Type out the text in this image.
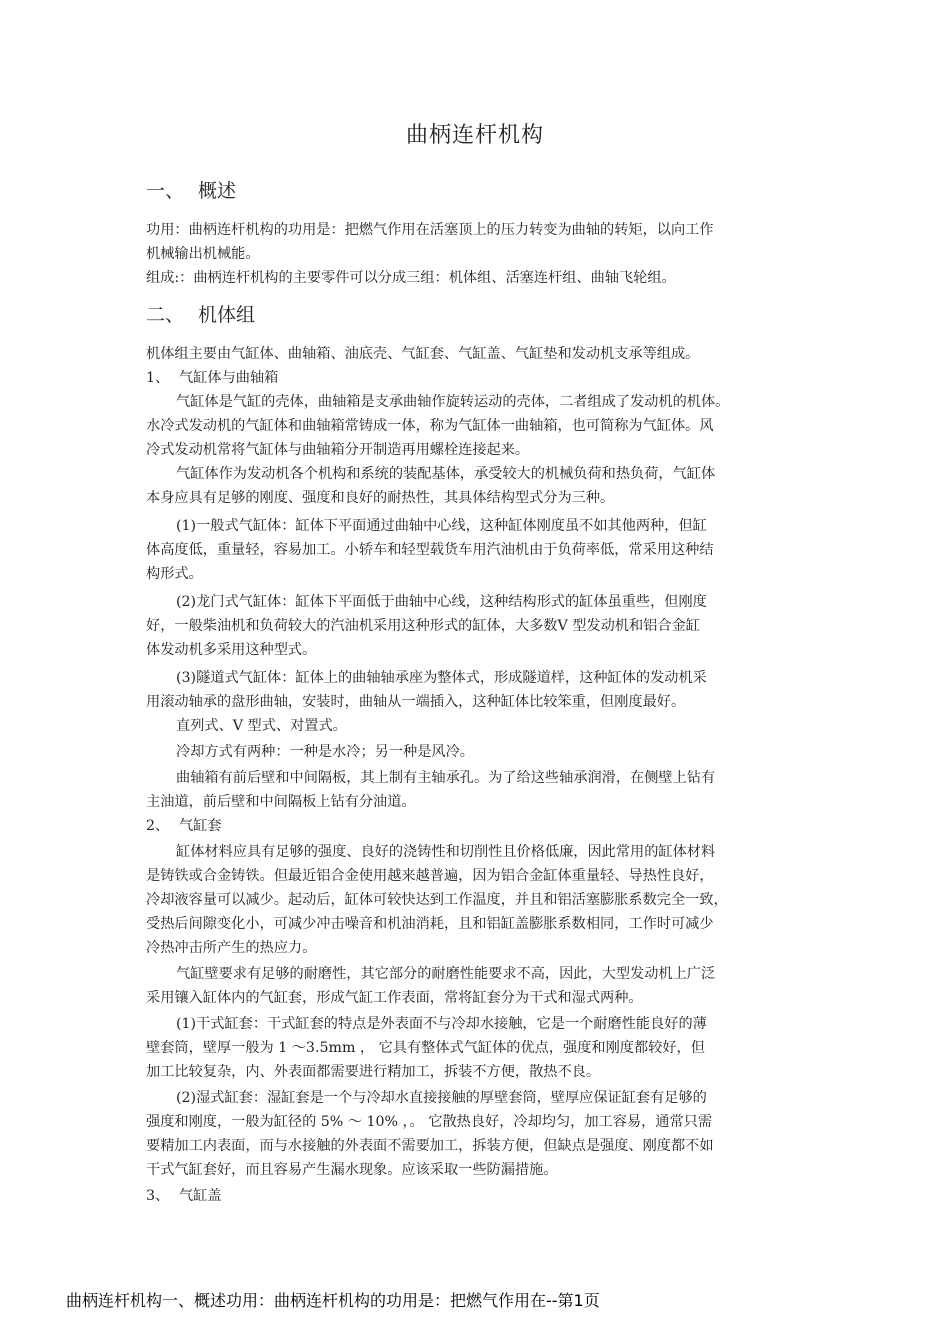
曲柄连杆机构
一、 概述
功用：曲柄连杆机构的功用是：把燃气作用在活塞顶上的压力转变为曲轴的转矩，以向工作
机械输出机械能。
组成:：曲柄连杆机构的主要零件可以分成三组：机体组、活塞连杆组、曲轴飞轮组。
二、 机体组
机体组主要由气缸体、曲轴箱、油底壳、气缸套、气缸盖、气缸垫和发动机支承等组成。
1、 气缸体与曲轴箱
气缸体是气缸的壳体，曲轴箱是支承曲轴作旋转运动的壳体，二者组成了发动机的机体。
水冷式发动机的气缸体和曲轴箱常铸成一体，称为气缸体一曲轴箱，也可简称为气缸体。风
冷式发动机常将气缸体与曲轴箱分开制造再用螺栓连接起来。
气缸体作为发动机各个机构和系统的装配基体，承受较大的机械负荷和热负荷，气缸体
本身应具有足够的刚度、强度和良好的耐热性，其具体结构型式分为三种。
(1)一般式气缸体：缸体下平面通过曲轴中心线，这种缸体刚度虽不如其他两种，但缸
体高度低，重量轻，容易加工。小轿车和轻型载货车用汽油机由于负荷率低，常采用这种结
构形式。
(2)龙门式气缸体：缸体下平面低于曲轴中心线，这种结构形式的缸体虽重些，但刚度
好，一般柴油机和负荷较大的汽油机采用这种形式的缸体，大多数V 型发动机和铝合金缸
体发动机多采用这种型式。
(3)隧道式气缸体：缸体上的曲轴轴承座为整体式，形成隧道样，这种缸体的发动机采
用滚动轴承的盘形曲轴，安装时，曲轴从一端插入，这种缸体比较笨重，但刚度最好。
直列式、V 型式、对置式。
冷却方式有两种：一种是水冷；另一种是风冷。
曲轴箱有前后壁和中间隔板，其上制有主轴承孔。为了给这些轴承润滑，在侧壁上钻有
主油道，前后壁和中间隔板上钻有分油道。
2、 气缸套
缸体材料应具有足够的强度、良好的浇铸性和切削性且价格低廉，因此常用的缸体材料
是铸铁或合金铸铁。但最近铝合金使用越来越普遍，因为铝合金缸体重量轻、导热性良好，
冷却液容量可以减少。起动后，缸体可较快达到工作温度，并且和铝活塞膨胀系数完全一致，
受热后间隙变化小，可减少冲击噪音和机油消耗，且和铝缸盖膨胀系数相同，工作时可减少
冷热冲击所产生的热应力。
气缸壁要求有足够的耐磨性，其它部分的耐磨性能要求不高，因此，大型发动机上广泛
采用镶入缸体内的气缸套，形成气缸工作表面，常将缸套分为干式和湿式两种。
(1)干式缸套：干式缸套的特点是外表面不与冷却水接触，它是一个耐磨性能良好的薄
壁套筒，壁厚一般为 1 ～3.5mm ， 它具有整体式气缸体的优点，强度和刚度都较好，但
加工比较复杂，内、外表面都需要进行精加工，拆装不方便，散热不良。
(2)湿式缸套：湿缸套是一个与冷却水直接接触的厚壁套筒，壁厚应保证缸套有足够的
强度和刚度，一般为缸径的 5% ～ 10% ，。 它散热良好，冷却均匀，加工容易，通常只需
要精加工内表面，而与水接触的外表面不需要加工，拆装方便，但缺点是强度、刚度都不如
干式气缸套好，而且容易产生漏水现象。应该采取一些防漏措施。
3、 气缸盖
曲柄连杆机构一、概述功用：曲柄连杆机构的功用是：把燃气作用在--第1页
